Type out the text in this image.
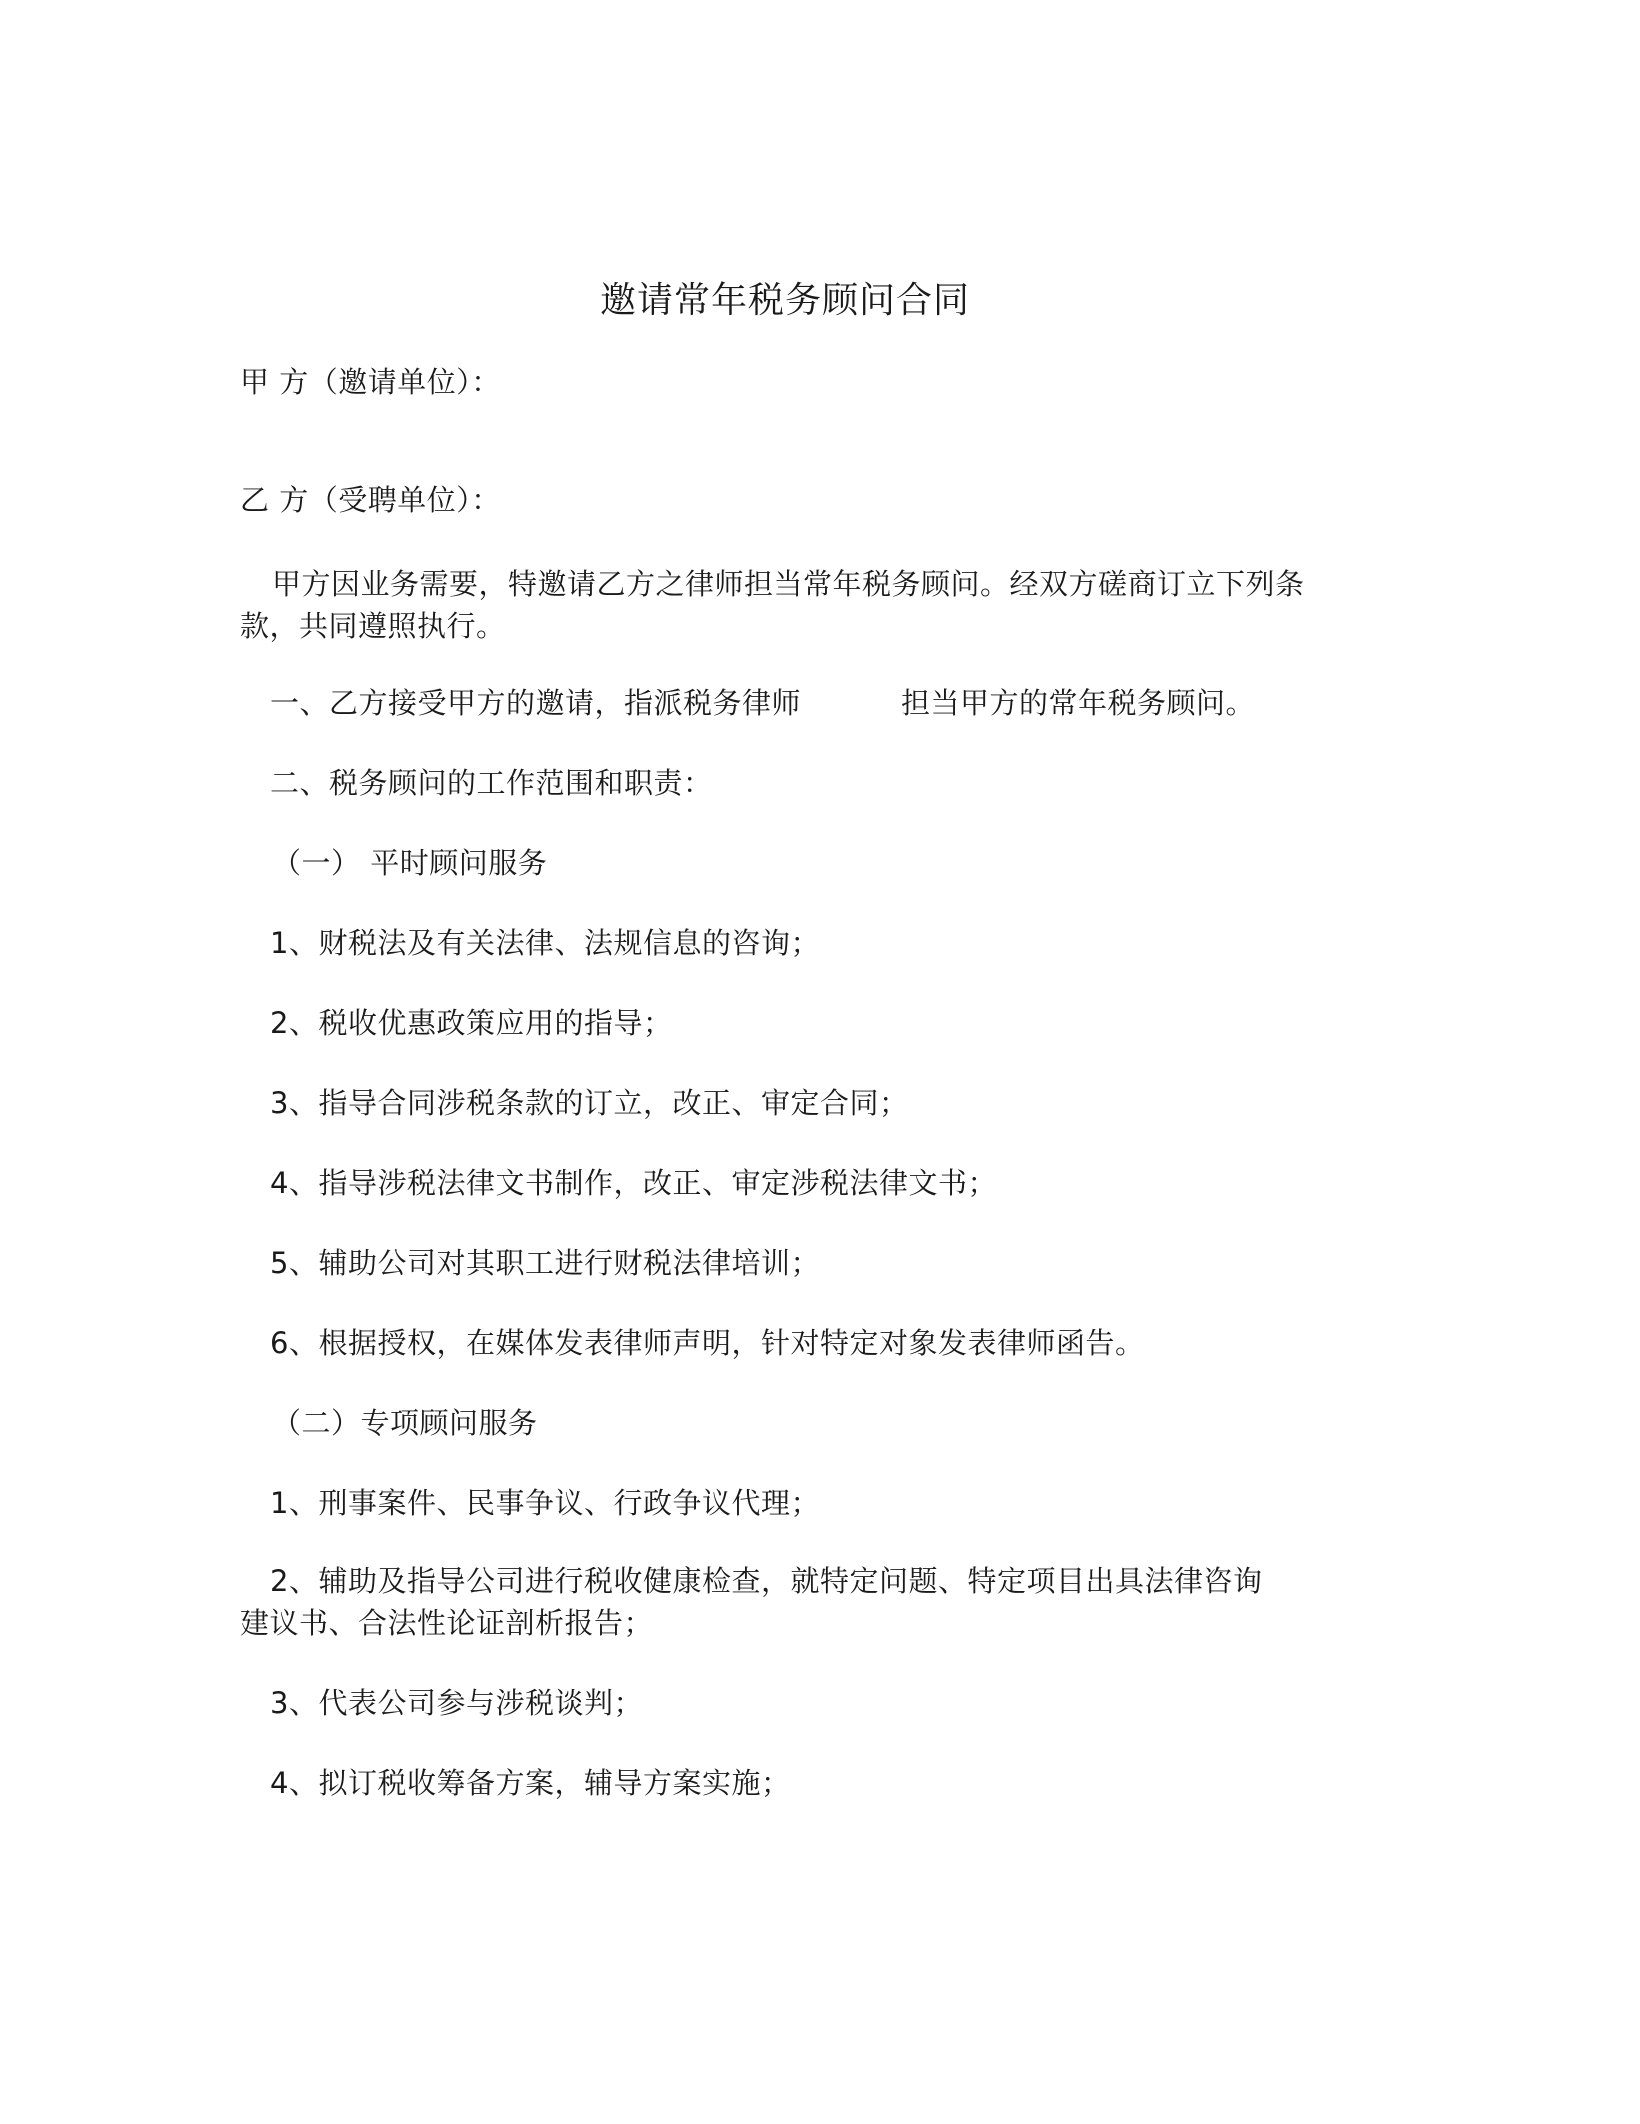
邀请常年税务顾问合同
甲 方（邀请单位）：
乙 方（受聘单位）：
甲方因业务需要，特邀请乙方之律师担当常年税务顾问。经双方磋商订立下列条
款，共同遵照执行。
一、乙方接受甲方的邀请，指派税务律师	担当甲方的常年税务顾问。
二、税务顾问的工作范围和职责：
（一） 平时顾问服务
1、财税法及有关法律、法规信息的咨询；
2、税收优惠政策应用的指导；
3、指导合同涉税条款的订立，改正、审定合同；
4、指导涉税法律文书制作，改正、审定涉税法律文书；
5、辅助公司对其职工进行财税法律培训；
6、根据授权，在媒体发表律师声明，针对特定对象发表律师函告。
（二）专项顾问服务
1、刑事案件、民事争议、行政争议代理；
2、辅助及指导公司进行税收健康检查，就特定问题、特定项目出具法律咨询
建议书、合法性论证剖析报告；
3、代表公司参与涉税谈判；
4、拟订税收筹备方案，辅导方案实施；
